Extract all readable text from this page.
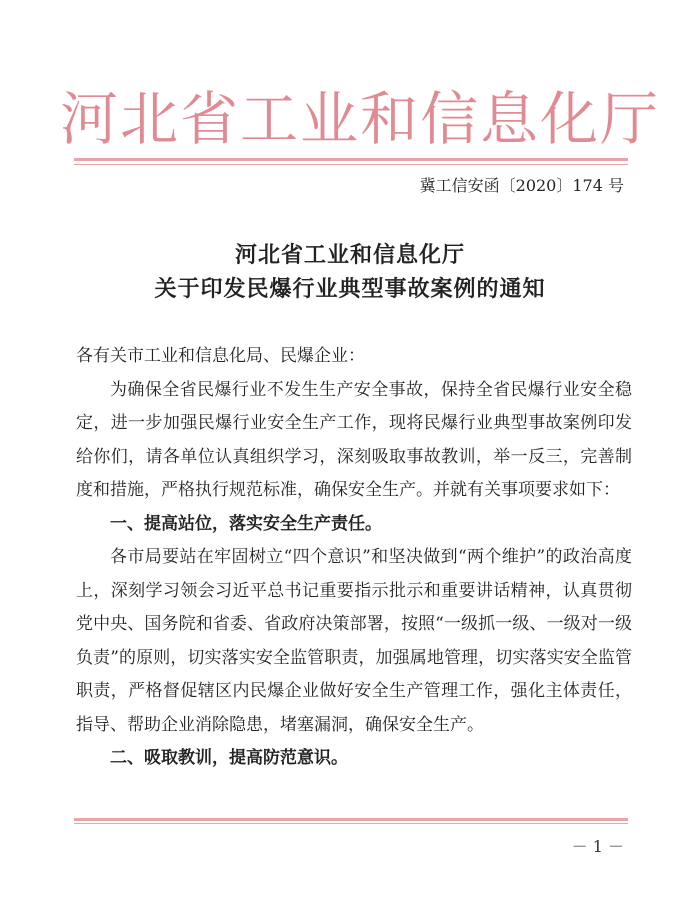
河北省工业和信息化厅
冀工信安函〔2020〕174 号
河北省工业和信息化厅
关于印发民爆行业典型事故案例的通知

各有关市工业和信息化局、民爆企业：

为确保全省民爆行业不发生生产安全事故，保持全省民爆行业安全稳定，进一步加强民爆行业安全生产工作，现将民爆行业典型事故案例印发给你们，请各单位认真组织学习，深刻吸取事故教训，举一反三，完善制度和措施，严格执行规范标准，确保安全生产。并就有关事项要求如下：

一、提高站位，落实安全生产责任。

各市局要站在牢固树立“四个意识”和坚决做到“两个维护”的政治高度上，深刻学习领会习近平总书记重要指示批示和重要讲话精神，认真贯彻党中央、国务院和省委、省政府决策部署，按照“一级抓一级、一级对一级负责”的原则，切实落实安全监管职责，加强属地管理，切实落实安全监管职责，严格督促辖区内民爆企业做好安全生产管理工作，强化主体责任，指导、帮助企业消除隐患，堵塞漏洞，确保安全生产。

二、吸取教训，提高防范意识。

－ 1 －
